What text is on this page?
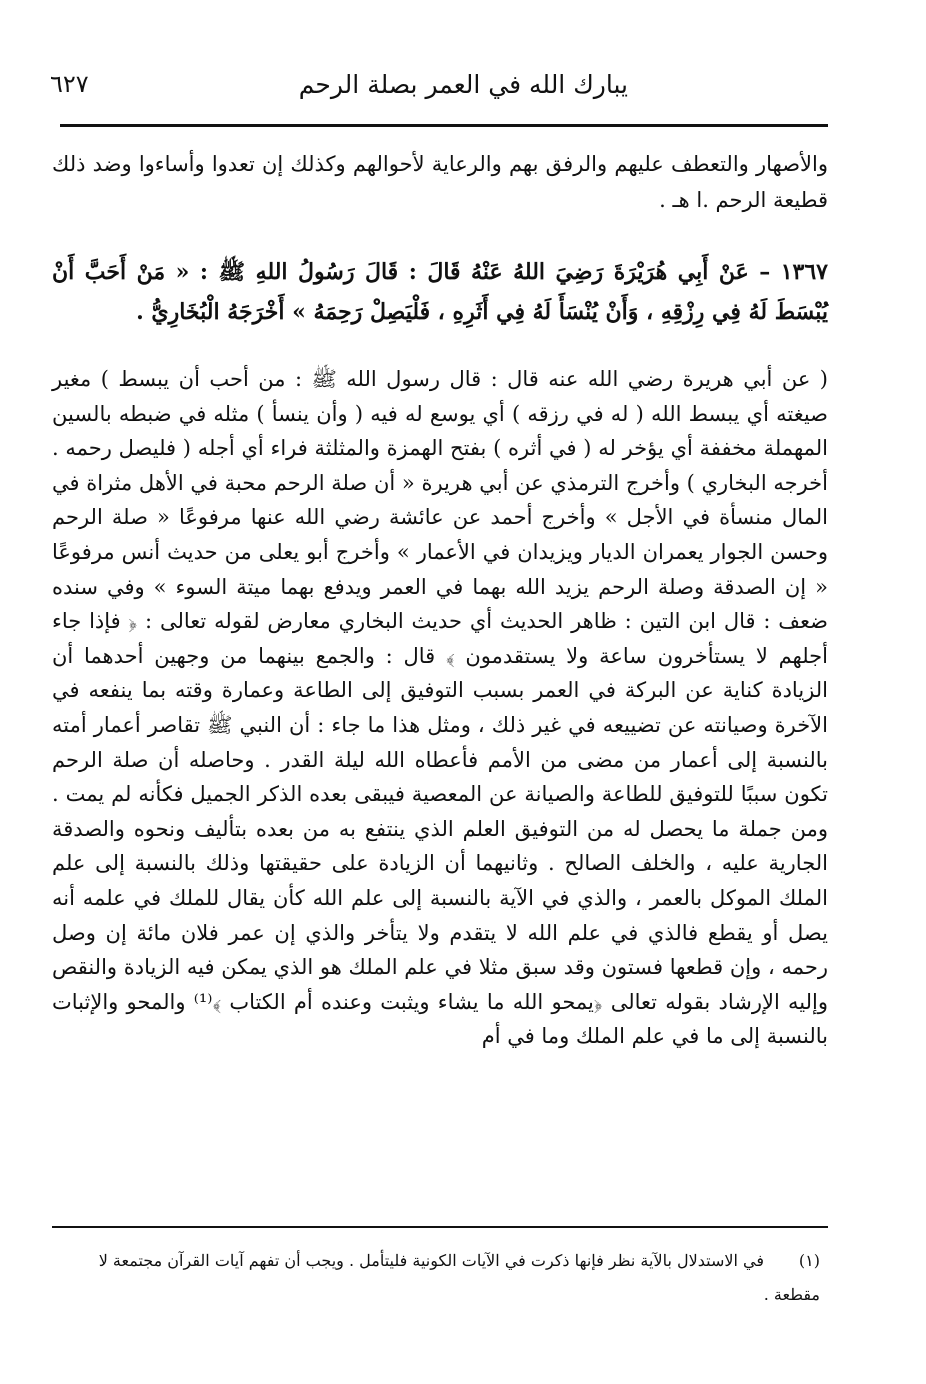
يبارك الله في العمر بصلة الرحم
٦٢٧
والأصهار والتعطف عليهم والرفق بهم والرعاية لأحوالهم وكذلك إن تعدوا وأساءوا وضد ذلك قطيعة الرحم .ا هـ .
١٣٦٧ – عَنْ أَبِي هُرَيْرَةَ رَضِيَ اللهُ عَنْهُ قَالَ : قَالَ رَسُولُ اللهِ ﷺ : « مَنْ أَحَبَّ أَنْ يُبْسَطَ لَهُ فِي رِزْقِهِ ، وَأَنْ يُنْسَأَ لَهُ فِي أَثَرِهِ ، فَلْيَصِلْ رَحِمَهُ » أَخْرَجَهُ الْبُخَارِيُّ .
( عن أبي هريرة رضي الله عنه قال : قال رسول الله ﷺ : من أحب أن يبسط ) مغير صيغته أي يبسط الله ( له في رزقه ) أي يوسع له فيه ( وأن ينسأ ) مثله في ضبطه بالسين المهملة مخففة أي يؤخر له ( في أثره ) بفتح الهمزة والمثلثة فراء أي أجله ( فليصل رحمه . أخرجه البخاري ) وأخرج الترمذي عن أبي هريرة « أن صلة الرحم محبة في الأهل مثراة في المال منسأة في الأجل » وأخرج أحمد عن عائشة رضي الله عنها مرفوعًا « صلة الرحم وحسن الجوار يعمران الديار ويزيدان في الأعمار » وأخرج أبو يعلى من حديث أنس مرفوعًا « إن الصدقة وصلة الرحم يزيد الله بهما في العمر ويدفع بهما ميتة السوء » وفي سنده ضعف : قال ابن التين : ظاهر الحديث أي حديث البخاري معارض لقوله تعالى : ﴿ فإذا جاء أجلهم لا يستأخرون ساعة ولا يستقدمون ﴾ قال : والجمع بينهما من وجهين أحدهما أن الزيادة كناية عن البركة في العمر بسبب التوفيق إلى الطاعة وعمارة وقته بما ينفعه في الآخرة وصيانته عن تضييعه في غير ذلك ، ومثل هذا ما جاء : أن النبي ﷺ تقاصر أعمار أمته بالنسبة إلى أعمار من مضى من الأمم فأعطاه الله ليلة القدر . وحاصله أن صلة الرحم تكون سببًا للتوفيق للطاعة والصيانة عن المعصية فيبقى بعده الذكر الجميل فكأنه لم يمت . ومن جملة ما يحصل له من التوفيق العلم الذي ينتفع به من بعده بتأليف ونحوه والصدقة الجارية عليه ، والخلف الصالح . وثانيهما أن الزيادة على حقيقتها وذلك بالنسبة إلى علم الملك الموكل بالعمر ، والذي في الآية بالنسبة إلى علم الله كأن يقال للملك في علمه أنه يصل أو يقطع فالذي في علم الله لا يتقدم ولا يتأخر والذي إن عمر فلان مائة إن وصل رحمه ، وإن قطعها فستون وقد سبق مثلا في علم الملك هو الذي يمكن فيه الزيادة والنقص وإليه الإرشاد بقوله تعالى ﴿يمحو الله ما يشاء ويثبت وعنده أم الكتاب ﴾⁽¹⁾ والمحو والإثبات بالنسبة إلى ما في علم الملك وما في أم
(١)في الاستدلال بالآية نظر فإنها ذكرت في الآيات الكونية فليتأمل . ويجب أن تفهم آيات القرآن مجتمعة لا مقطعة .
